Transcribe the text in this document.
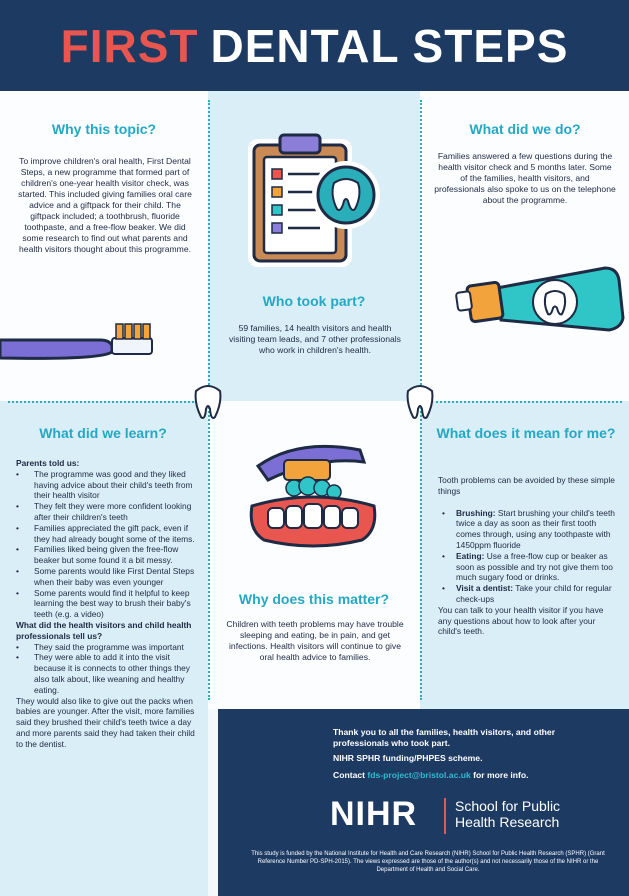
FIRST DENTAL STEPS
Why this topic?
To improve children's oral health, First Dental Steps, a new programme that formed part of children's one-year health visitor check, was started. This included giving families oral care advice and a giftpack for their child. The giftpack included; a toothbrush, fluoride toothpaste, and a free-flow beaker. We did some research to find out what parents and health visitors thought about this programme.
What did we do?
Families answered a few questions during the health visitor check and 5 months later. Some of the families, health visitors, and professionals also spoke to us on the telephone about the programme.
Who took part?
59 families, 14 health visitors and health visiting team leads, and 7 other professionals who work in children's health.
What did we learn?
Parents told us:
• The programme was good and they liked having advice about their child's teeth from their health visitor
• They felt they were more confident looking after their children's teeth
• Families appreciated the gift pack, even if they had already bought some of the items.
• Families liked being given the free-flow beaker but some found it a bit messy.
• Some parents would like First Dental Steps when their baby was even younger
• Some parents would find it helpful to keep learning the best way to brush their baby's teeth (e.g. a video)
What did the health visitors and child health professionals tell us?
• They said the programme was important
• They were able to add it into the visit because it is connects to other things they also talk about, like weaning and healthy eating.
They would also like to give out the packs when babies are younger. After the visit, more families said they brushed their child's teeth twice a day and more parents said they had taken their child to the dentist.
Why does this matter?
Children with teeth problems may have trouble sleeping and eating, be in pain, and get infections. Health visitors will continue to give oral health advice to families.
What does it mean for me?
Tooth problems can be avoided by these simple things
• Brushing: Start brushing your child's teeth twice a day as soon as their first tooth comes through, using any toothpaste with 1450ppm fluoride
• Eating: Use a free-flow cup or beaker as soon as possible and try not give them too much sugary food or drinks.
• Visit a dentist: Take your child for regular check-ups
You can talk to your health visitor if you have any questions about how to look after your child's teeth.
Thank you to all the families, health visitors, and other professionals who took part.
NIHR SPHR funding/PHPES scheme.
Contact fds-project@bristol.ac.uk for more info.
NIHR	School for Public Health Research
This study is funded by the National Institute for Health and Care Research (NIHR) School for Public Health Research (SPHR) (Grant Reference Number PD-SPH-2015). The views expressed are those of the author(s) and not necessarily those of the NIHR or the Department of Health and Social Care.
